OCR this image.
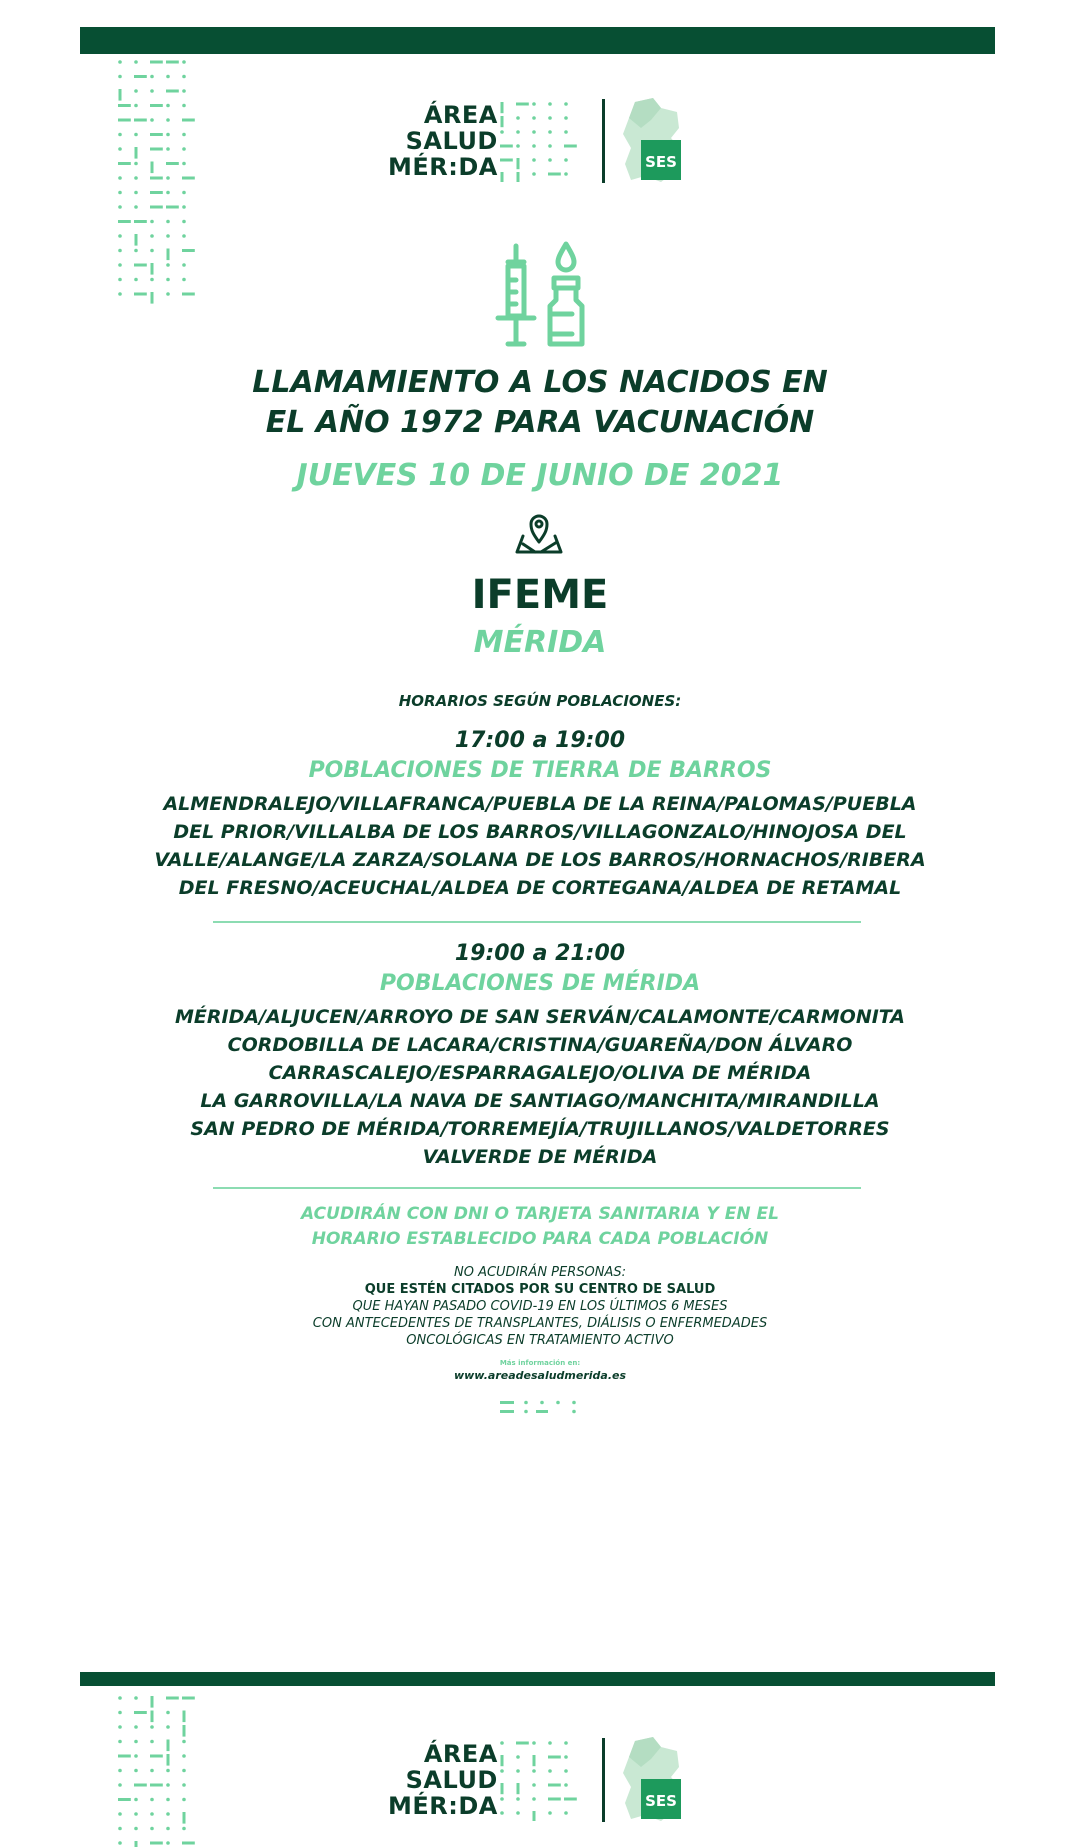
ÁREA
SALUD
MÉR:DA	SES
LLAMAMIENTO A LOS NACIDOS EN
EL AÑO 1972 PARA VACUNACIÓN
JUEVES 10 DE JUNIO DE 2021
IFEME
MÉRIDA
HORARIOS SEGÚN POBLACIONES:
17:00 a 19:00
POBLACIONES DE TIERRA DE BARROS
ALMENDRALEJO/VILLAFRANCA/PUEBLA DE LA REINA/PALOMAS/PUEBLA
DEL PRIOR/VILLALBA DE LOS BARROS/VILLAGONZALO/HINOJOSA DEL
VALLE/ALANGE/LA ZARZA/SOLANA DE LOS BARROS/HORNACHOS/RIBERA
DEL FRESNO/ACEUCHAL/ALDEA DE CORTEGANA/ALDEA DE RETAMAL
19:00 a 21:00
POBLACIONES DE MÉRIDA
MÉRIDA/ALJUCEN/ARROYO DE SAN SERVÁN/CALAMONTE/CARMONITA
CORDOBILLA DE LACARA/CRISTINA/GUAREÑA/DON ÁLVARO
CARRASCALEJO/ESPARRAGALEJO/OLIVA DE MÉRIDA
LA GARROVILLA/LA NAVA DE SANTIAGO/MANCHITA/MIRANDILLA
SAN PEDRO DE MÉRIDA/TORREMEJÍA/TRUJILLANOS/VALDETORRES
VALVERDE DE MÉRIDA
ACUDIRÁN CON DNI O TARJETA SANITARIA Y EN EL
HORARIO ESTABLECIDO PARA CADA POBLACIÓN
NO ACUDIRÁN PERSONAS:
QUE ESTÉN CITADOS POR SU CENTRO DE SALUD
QUE HAYAN PASADO COVID-19 EN LOS ÚLTIMOS 6 MESES
CON ANTECEDENTES DE TRANSPLANTES, DIÁLISIS O ENFERMEDADES
ONCOLÓGICAS EN TRATAMIENTO ACTIVO
Más información en:
www.areadesaludmerida.es
ÁREA
SALUD
MÉR:DA	SES
